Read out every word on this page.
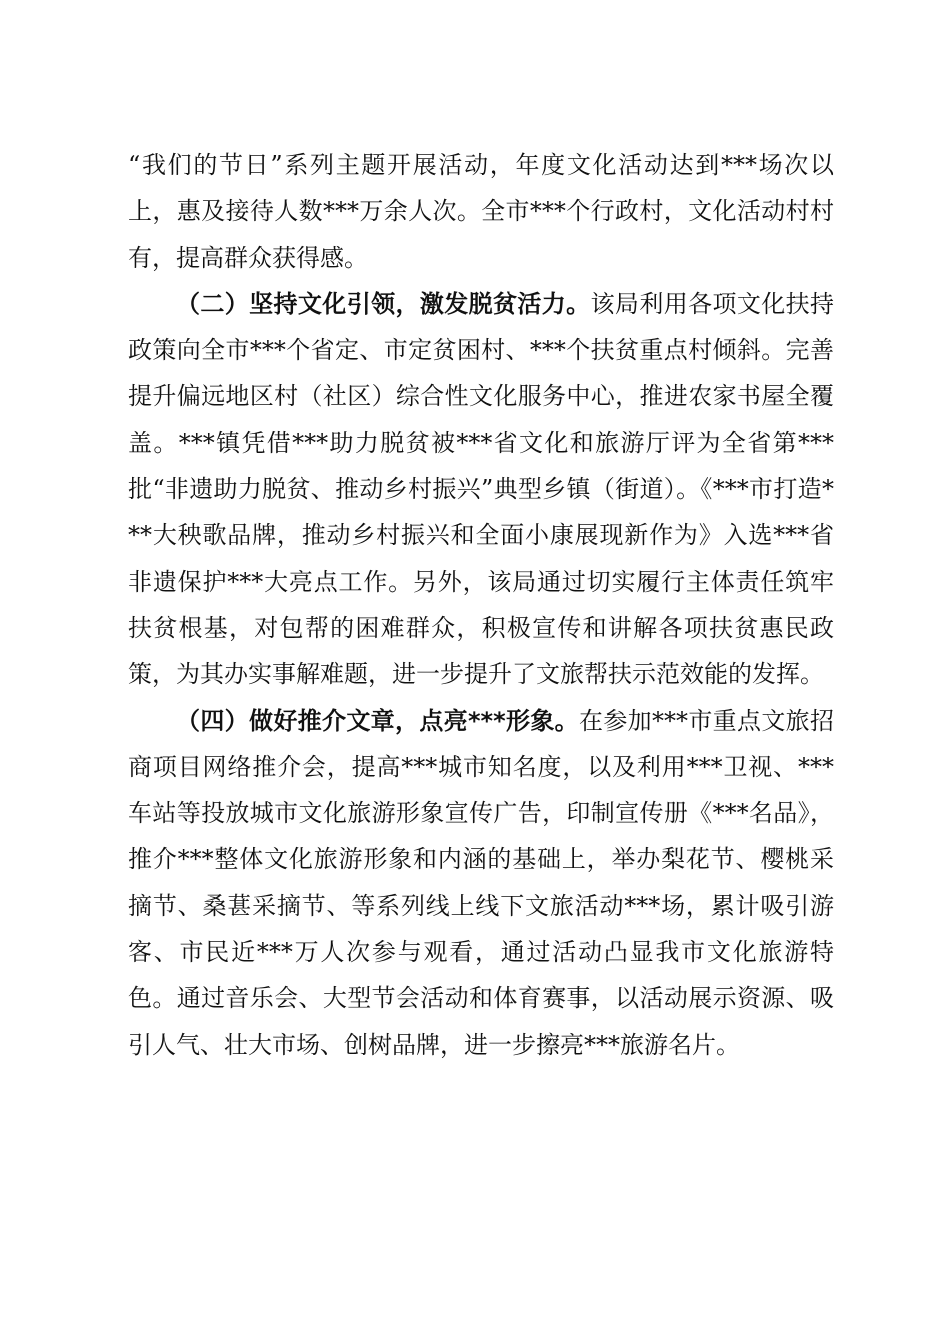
“我们的节日”系列主题开展活动，年度文化活动达到***场次以上，惠及接待人数***万余人次。全市***个行政村，文化活动村村有，提高群众获得感。

（二）坚持文化引领，激发脱贫活力。该局利用各项文化扶持政策向全市***个省定、市定贫困村、***个扶贫重点村倾斜。完善提升偏远地区村（社区）综合性文化服务中心，推进农家书屋全覆盖。***镇凭借***助力脱贫被***省文化和旅游厅评为全省第***批“非遗助力脱贫、推动乡村振兴”典型乡镇（街道）。《***市打造***大秧歌品牌，推动乡村振兴和全面小康展现新作为》入选***省非遗保护***大亮点工作。另外，该局通过切实履行主体责任筑牢扶贫根基，对包帮的困难群众，积极宣传和讲解各项扶贫惠民政策，为其办实事解难题，进一步提升了文旅帮扶示范效能的发挥。

（四）做好推介文章，点亮***形象。在参加***市重点文旅招商项目网络推介会，提高***城市知名度，以及利用***卫视、***车站等投放城市文化旅游形象宣传广告，印制宣传册《***名品》，推介***整体文化旅游形象和内涵的基础上，举办梨花节、樱桃采摘节、桑葚采摘节、等系列线上线下文旅活动***场，累计吸引游客、市民近***万人次参与观看，通过活动凸显我市文化旅游特色。通过音乐会、大型节会活动和体育赛事，以活动展示资源、吸引人气、壮大市场、创树品牌，进一步擦亮***旅游名片。
